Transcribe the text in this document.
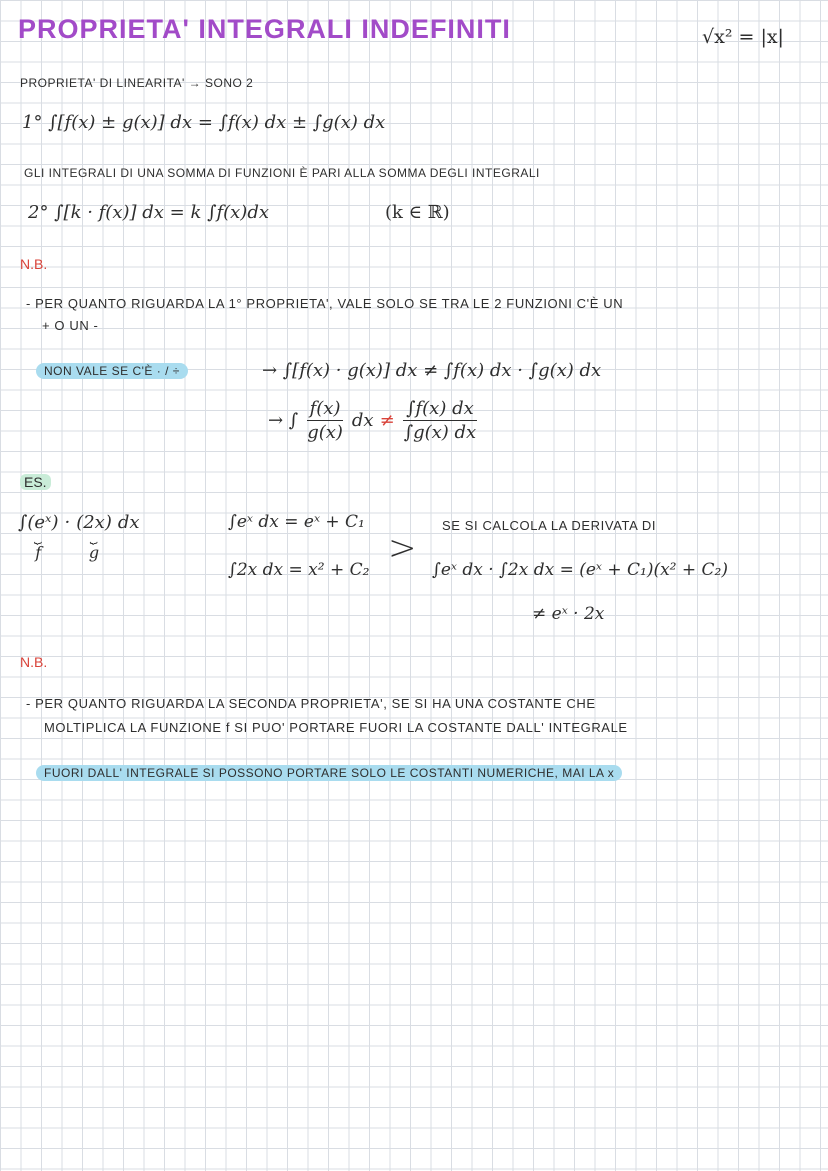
PROPRIETA' INTEGRALI INDEFINITI	√x² = |x|
PROPRIETA' DI LINEARITA' → SONO 2
1° ∫[f(x) ± g(x)] dx = ∫f(x) dx ± ∫g(x) dx
GLI INTEGRALI DI UNA SOMMA DI FUNZIONI È PARI ALLA SOMMA DEGLI INTEGRALI
2° ∫[k · f(x)] dx = k ∫f(x)dx	(k ∈ ℝ)
N.B.
- PER QUANTO RIGUARDA LA 1° PROPRIETA', VALE SOLO SE TRA LE 2 FUNZIONI C'È UN
+ O UN -
NON VALE SE C'È · / ÷	→ ∫[f(x) · g(x)] dx ≠ ∫f(x) dx · ∫g(x) dx
→ ∫ $\frac{f(x)}{g(x)}$ dx ≠ $\frac{\int f(x) dx}{\int g(x) dx}$
ES.
∫(eˣ)
⏟
f
· (2x)
⏟
g
dx	∫eˣ dx = eˣ + C₁
∫2x dx = x² + C₂
>
SE SI CALCOLA LA DERIVATA DI
∫eˣ dx · ∫2x dx = (eˣ + C₁)(x² + C₂)
≠ eˣ · 2x
N.B.
- PER QUANTO RIGUARDA LA SECONDA PROPRIETA', SE SI HA UNA COSTANTE CHE
MOLTIPLICA LA FUNZIONE f SI PUO' PORTARE FUORI LA COSTANTE DALL' INTEGRALE
FUORI DALL' INTEGRALE SI POSSONO PORTARE SOLO LE COSTANTI NUMERICHE, MAI LA x
